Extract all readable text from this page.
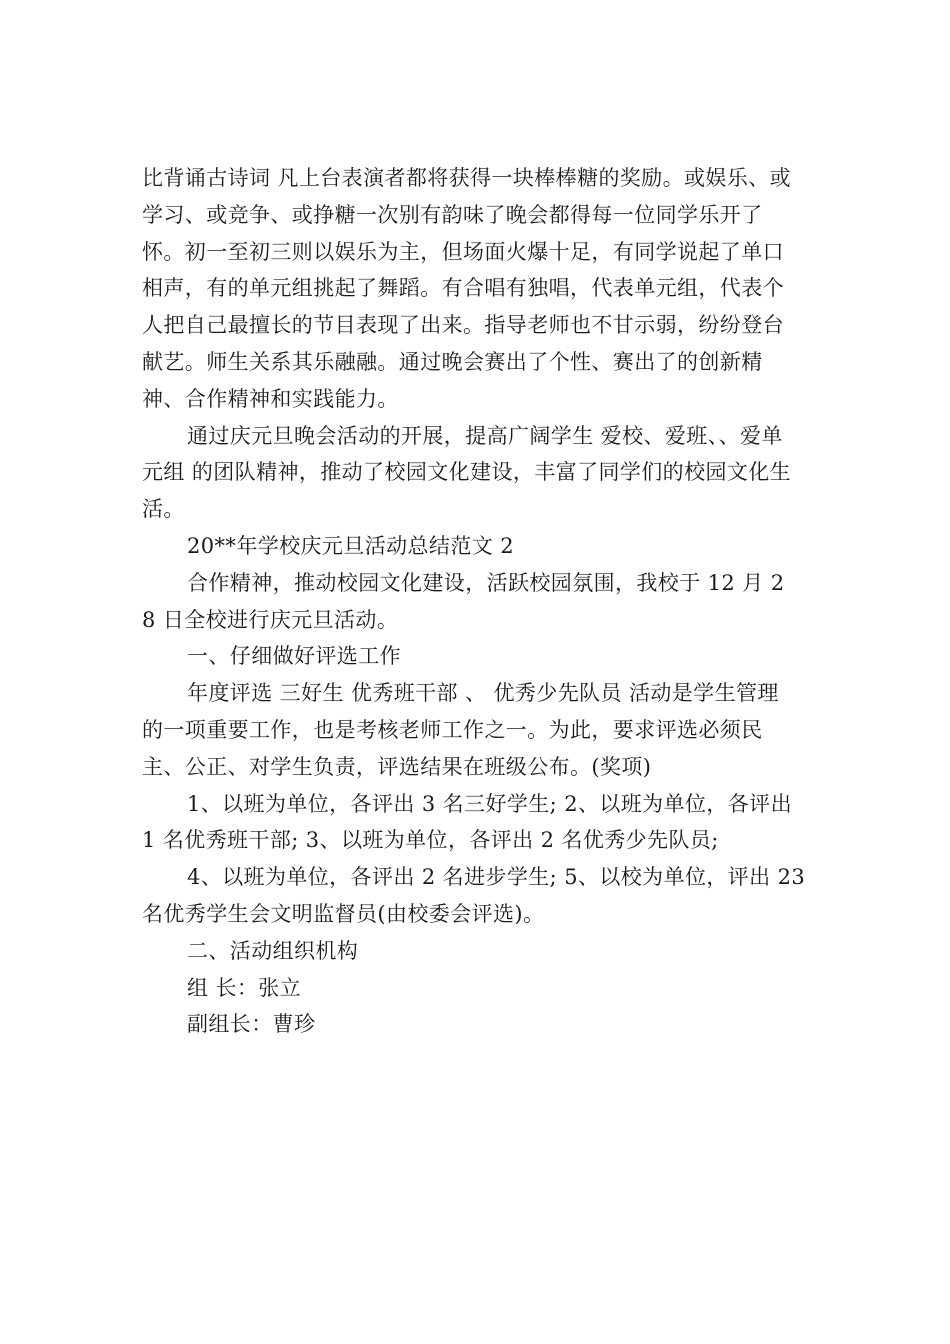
比背诵古诗词 凡上台表演者都将获得一块棒棒糖的奖励。或娱乐、或
学习、或竞争、或挣糖一次别有韵味了晚会都得每一位同学乐开了
怀。初一至初三则以娱乐为主，但场面火爆十足，有同学说起了单口
相声，有的单元组挑起了舞蹈。有合唱有独唱，代表单元组，代表个
人把自己最擅长的节目表现了出来。指导老师也不甘示弱，纷纷登台
献艺。师生关系其乐融融。通过晚会赛出了个性、赛出了的创新精
神、合作精神和实践能力。
通过庆元旦晚会活动的开展，提高广阔学生 爱校、爱班、、爱单
元组 的团队精神，推动了校园文化建设，丰富了同学们的校园文化生
活。
20**年学校庆元旦活动总结范文 2
合作精神，推动校园文化建设，活跃校园氛围，我校于 12 月 2
8 日全校进行庆元旦活动。
一、仔细做好评选工作
年度评选 三好生 优秀班干部 、 优秀少先队员 活动是学生管理
的一项重要工作，也是考核老师工作之一。为此，要求评选必须民
主、公正、对学生负责，评选结果在班级公布。(奖项)
1、以班为单位，各评出 3 名三好学生; 2、以班为单位，各评出
1 名优秀班干部; 3、以班为单位，各评出 2 名优秀少先队员;
4、以班为单位，各评出 2 名进步学生; 5、以校为单位，评出 23
名优秀学生会文明监督员(由校委会评选)。
二、活动组织机构
组 长：张立
副组长：曹珍
